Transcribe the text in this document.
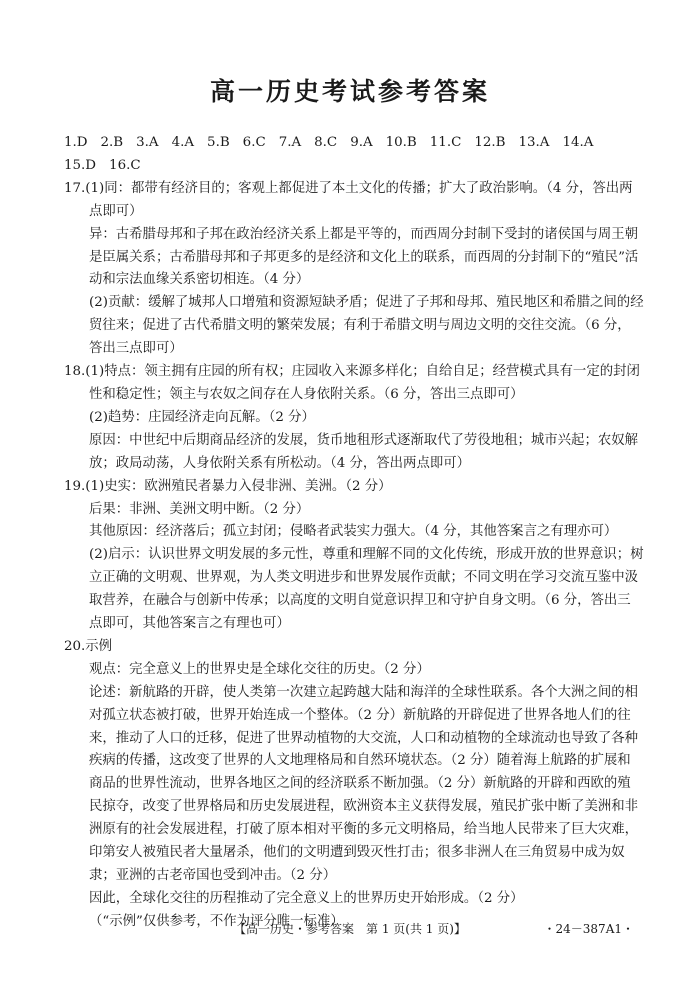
高一历史考试参考答案
1.D 2.B 3.A 4.A 5.B 6.C 7.A 8.C 9.A 10.B 11.C 12.B 13.A 14.A
15.D 16.C

17.(1)同：都带有经济目的；客观上都促进了本土文化的传播；扩大了政治影响。（4 分，答出两点即可）

异：古希腊母邦和子邦在政治经济关系上都是平等的，而西周分封制下受封的诸侯国与周王朝是臣属关系；古希腊母邦和子邦更多的是经济和文化上的联系，而西周的分封制下的“殖民”活动和宗法血缘关系密切相连。（4 分）

(2)贡献：缓解了城邦人口增殖和资源短缺矛盾；促进了子邦和母邦、殖民地区和希腊之间的经贸往来；促进了古代希腊文明的繁荣发展；有利于希腊文明与周边文明的交往交流。（6 分，答出三点即可）

18.(1)特点：领主拥有庄园的所有权；庄园收入来源多样化；自给自足；经营模式具有一定的封闭性和稳定性；领主与农奴之间存在人身依附关系。（6 分，答出三点即可）

(2)趋势：庄园经济走向瓦解。（2 分）

原因：中世纪中后期商品经济的发展，货币地租形式逐渐取代了劳役地租；城市兴起；农奴解放；政局动荡，人身依附关系有所松动。（4 分，答出两点即可）

19.(1)史实：欧洲殖民者暴力入侵非洲、美洲。（2 分）

后果：非洲、美洲文明中断。（2 分）

其他原因：经济落后；孤立封闭；侵略者武装实力强大。（4 分，其他答案言之有理亦可）

(2)启示：认识世界文明发展的多元性，尊重和理解不同的文化传统，形成开放的世界意识；树立正确的文明观、世界观，为人类文明进步和世界发展作贡献；不同文明在学习交流互鉴中汲取营养，在融合与创新中传承；以高度的文明自觉意识捍卫和守护自身文明。（6 分，答出三点即可，其他答案言之有理也可）

20.示例

观点：完全意义上的世界史是全球化交往的历史。（2 分）

论述：新航路的开辟，使人类第一次建立起跨越大陆和海洋的全球性联系。各个大洲之间的相对孤立状态被打破，世界开始连成一个整体。（2 分）新航路的开辟促进了世界各地人们的往来，推动了人口的迁移，促进了世界动植物的大交流，人口和动植物的全球流动也导致了各种疾病的传播，这改变了世界的人文地理格局和自然环境状态。（2 分）随着海上航路的扩展和商品的世界性流动，世界各地区之间的经济联系不断加强。（2 分）新航路的开辟和西欧的殖民掠夺，改变了世界格局和历史发展进程，欧洲资本主义获得发展，殖民扩张中断了美洲和非洲原有的社会发展进程，打破了原本相对平衡的多元文明格局，给当地人民带来了巨大灾难，印第安人被殖民者大量屠杀，他们的文明遭到毁灭性打击；很多非洲人在三角贸易中成为奴隶；亚洲的古老帝国也受到冲击。（2 分）

因此，全球化交往的历程推动了完全意义上的世界历史开始形成。（2 分）

（“示例”仅供参考，不作为评分唯一标准）

【高一历史・参考答案　第 1 页(共 1 页)】	・24－387A1・
